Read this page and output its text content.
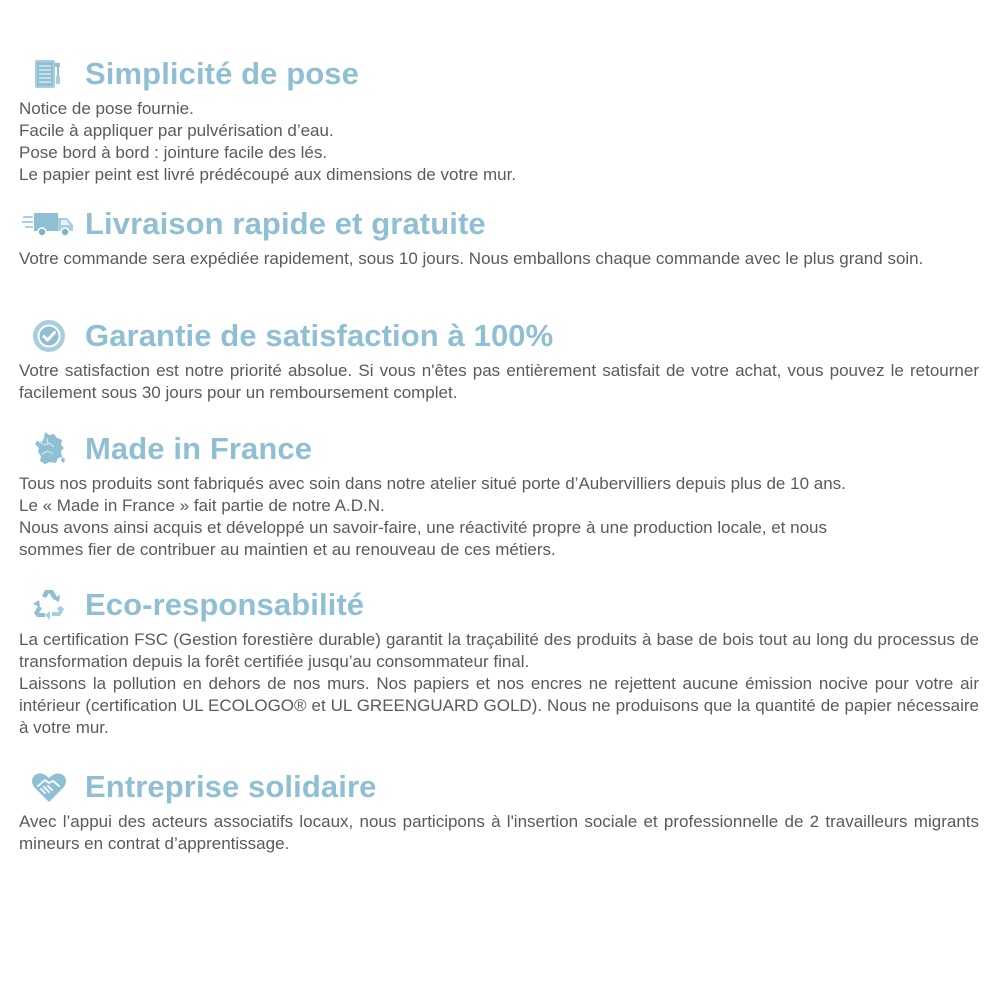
Simplicité de pose
Notice de pose fournie.
Facile à appliquer par pulvérisation d’eau.
Pose bord à bord : jointure facile des lés.
Le papier peint est livré prédécoupé aux dimensions de votre mur.
Livraison rapide et gratuite
Votre commande sera expédiée rapidement, sous 10 jours. Nous emballons chaque commande avec le plus grand soin.
Garantie de satisfaction à 100%
Votre satisfaction est notre priorité absolue. Si vous n'êtes pas entièrement satisfait de votre achat, vous pouvez le retourner facilement sous 30 jours pour un remboursement complet.
Made in France
Tous nos produits sont fabriqués avec soin dans notre atelier situé porte d’Aubervilliers depuis plus de 10 ans.
Le « Made in France » fait partie de notre A.D.N.
Nous avons ainsi acquis et développé un savoir-faire, une réactivité propre à une production locale, et nous
sommes fier de contribuer au maintien et au renouveau de ces métiers.
Eco-responsabilité
La certification FSC (Gestion forestière durable) garantit la traçabilité des produits à base de bois tout au long du processus de transformation depuis la forêt certifiée jusqu’au consommateur final.
Laissons la pollution en dehors de nos murs. Nos papiers et nos encres ne rejettent aucune émission nocive pour votre air intérieur (certification UL ECOLOGO® et UL GREENGUARD GOLD). Nous ne produisons que la quantité de papier nécessaire à votre mur.
Entreprise solidaire
Avec l’appui des acteurs associatifs locaux, nous participons à l'insertion sociale et professionnelle de 2 travailleurs migrants mineurs en contrat d’apprentissage.
